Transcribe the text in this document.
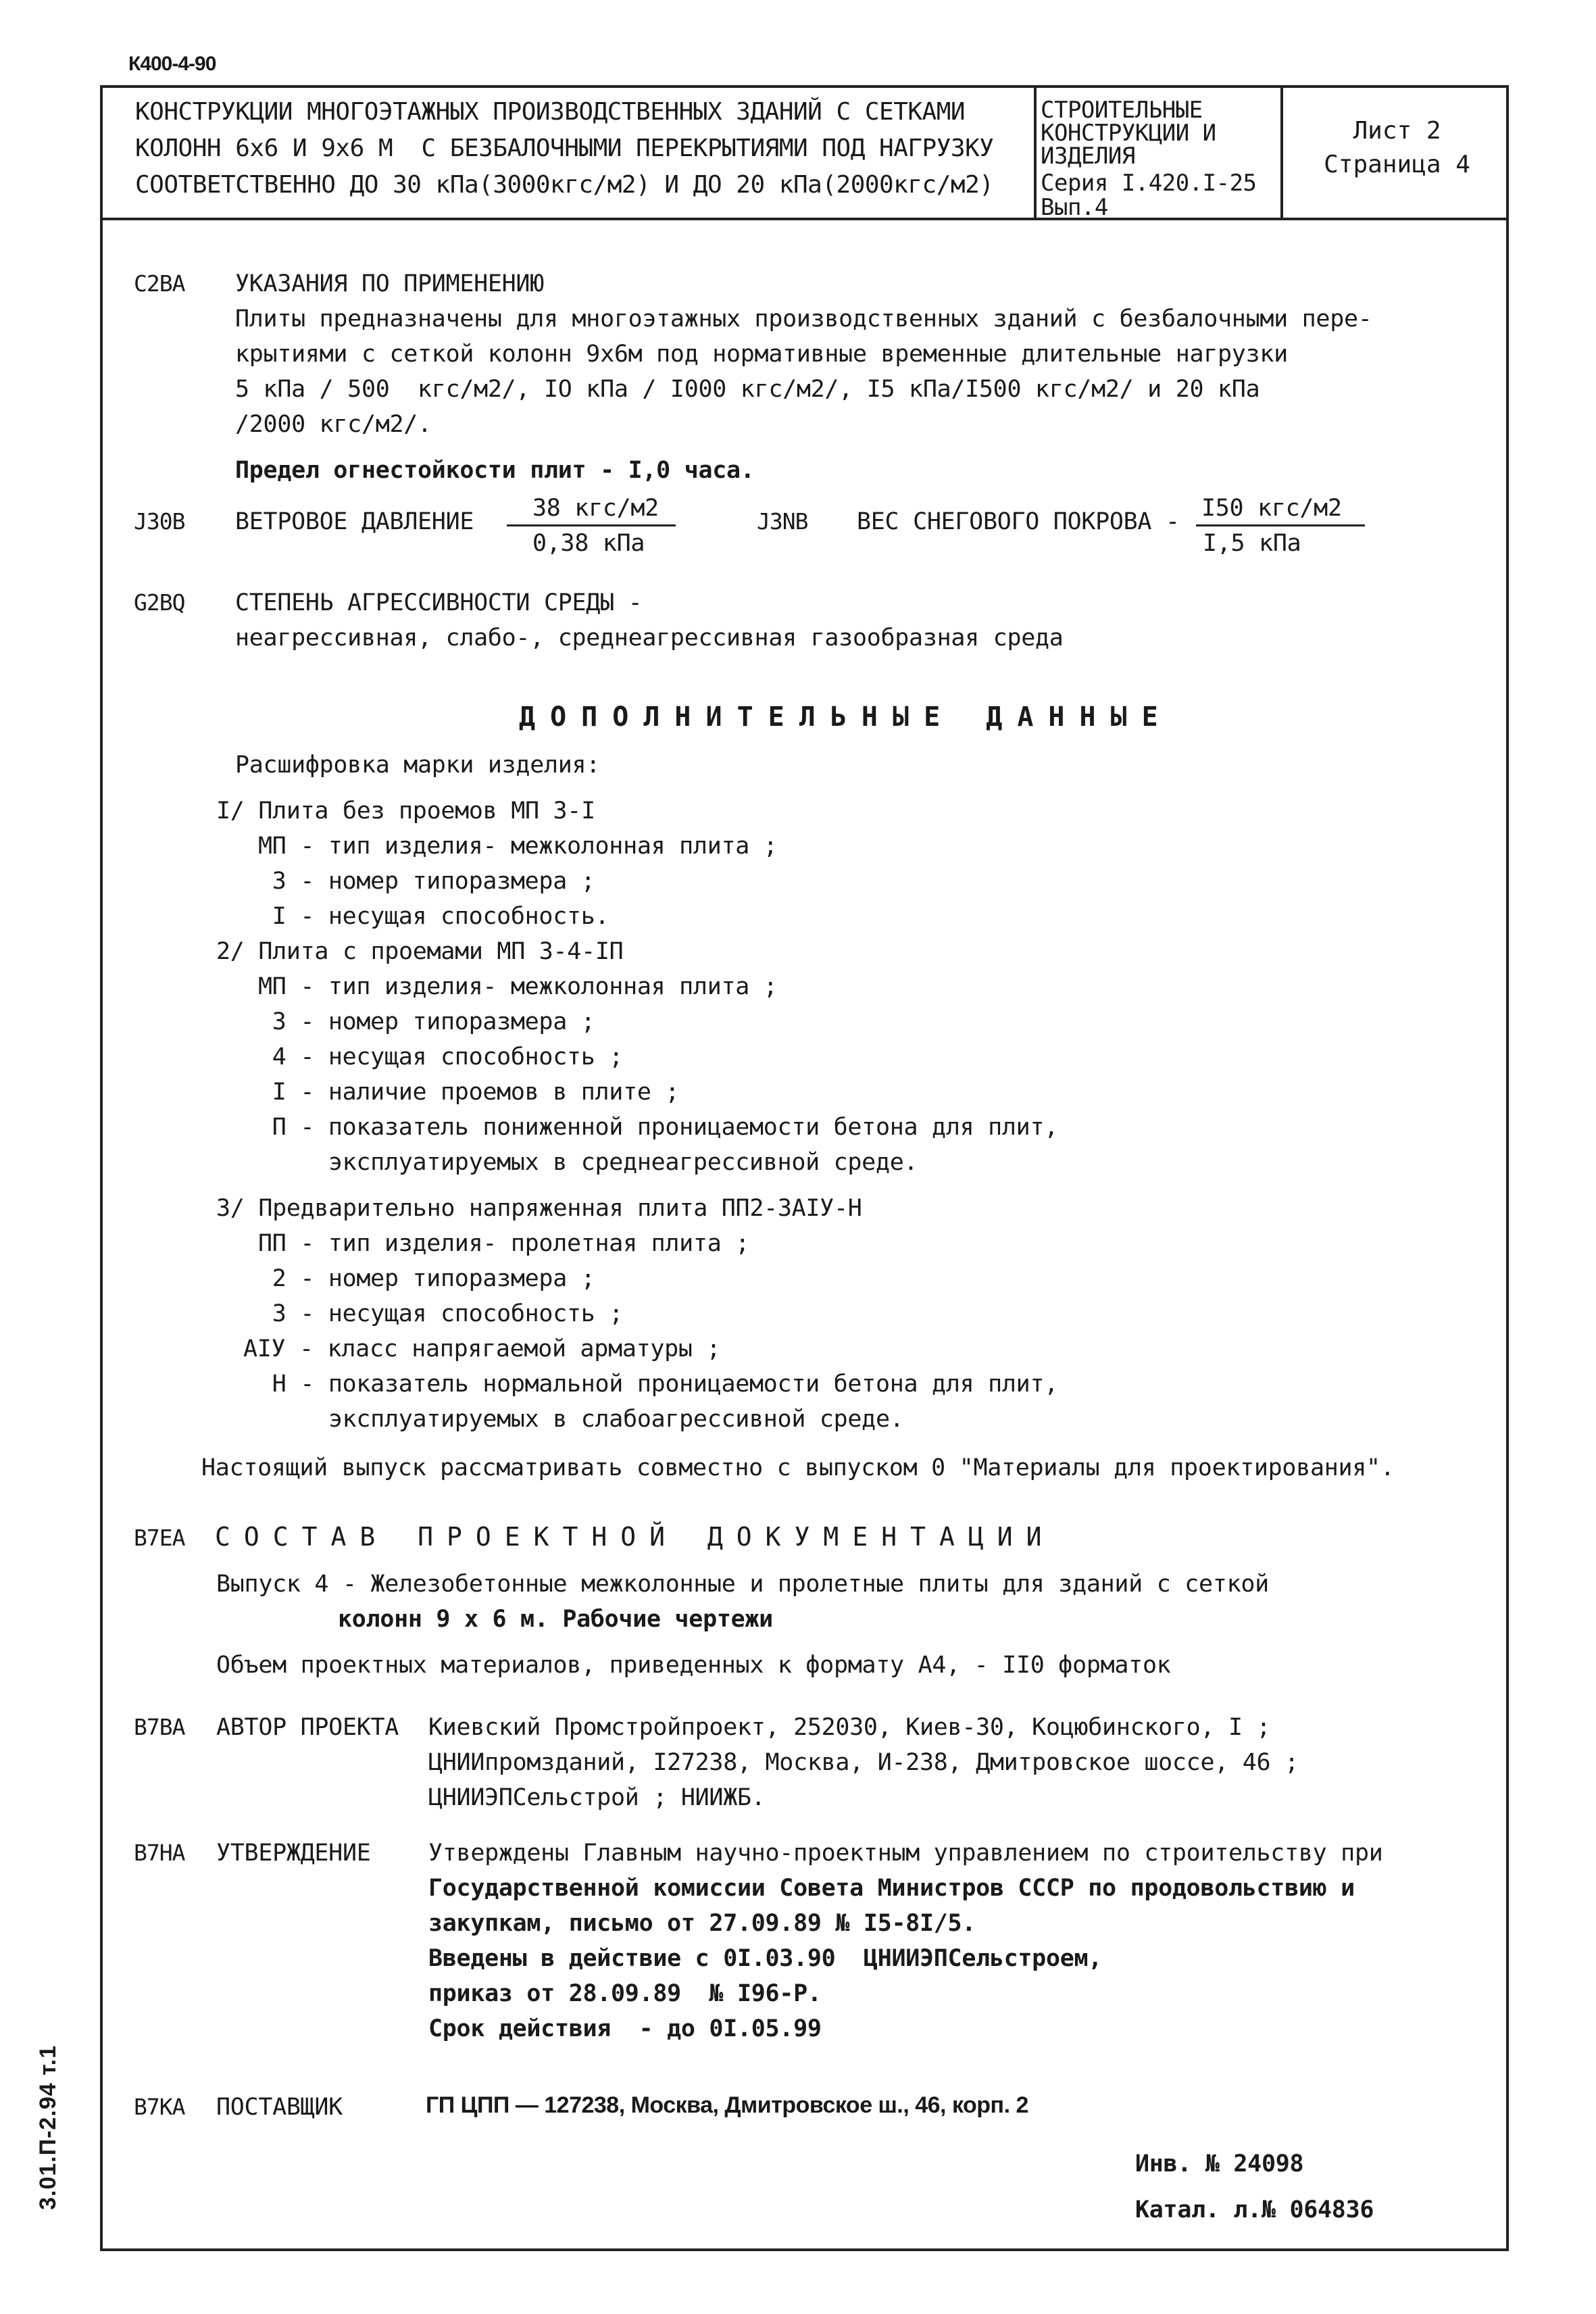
К400-4-90
КОНСТРУКЦИИ МНОГОЭТАЖНЫХ ПРОИЗВОДСТВЕННЫХ ЗДАНИЙ С СЕТКАМИ
КОЛОНН 6х6 И 9х6 М  С БЕЗБАЛОЧНЫМИ ПЕРЕКРЫТИЯМИ ПОД НАГРУЗКУ
СООТВЕТСТВЕННО ДО 30 кПа(3000кгс/м2) И ДО 20 кПа(2000кгс/м2)
СТРОИТЕЛЬНЫЕ
КОНСТРУКЦИИ И
ИЗДЕЛИЯ
Серия I.420.I-25
Вып.4
Лист 2
Страница 4
C2BA УКАЗАНИЯ ПО ПРИМЕНЕНИЮ
Плиты предназначены для многоэтажных производственных зданий с безбалочными пере-
крытиями с сеткой колонн 9х6м под нормативные временные длительные нагрузки
5 кПа / 500  кгс/м2/, IO кПа / I000 кгс/м2/, I5 кПа/I500 кгс/м2/ и 20 кПа
/2000 кгс/м2/.
Предел огнестойкости плит - I,0 часа.
J30B ВЕТРОВОЕ ДАВЛЕНИЕ 38 кгс/м2
0,38 кПа
J3NB ВЕС СНЕГОВОГО ПОКРОВА - I50 кгс/м2
I,5 кПа
G2BQ СТЕПЕНЬ АГРЕССИВНОСТИ СРЕДЫ -
неагрессивная, слабо-, среднеагрессивная газообразная среда
ДОПОЛНИТЕЛЬНЫЕ ДАННЫЕ
Расшифровка марки изделия:
I/ Плита без проемов МП 3-I
МП - тип изделия- межколонная плита ;
3 - номер типоразмера ;
I - несущая способность.
2/ Плита с проемами МП 3-4-IП
МП - тип изделия- межколонная плита ;
3 - номер типоразмера ;
4 - несущая способность ;
I - наличие проемов в плите ;
П - показатель пониженной проницаемости бетона для плит,
эксплуатируемых в среднеагрессивной среде.
3/ Предварительно напряженная плита ПП2-3АIУ-Н
ПП - тип изделия- пролетная плита ;
2 - номер типоразмера ;
3 - несущая способность ;
AIУ - класс напрягаемой арматуры ;
Н - показатель нормальной проницаемости бетона для плит,
эксплуатируемых в слабоагрессивной среде.
Настоящий выпуск рассматривать совместно с выпуском 0 "Материалы для проектирования".
B7EA СОСТАВ ПРОЕКТНОЙ ДОКУМЕНТАЦИИ
Выпуск 4 - Железобетонные межколонные и пролетные плиты для зданий с сеткой
колонн 9 х 6 м. Рабочие чертежи
Объем проектных материалов, приведенных к формату А4, - II0 форматок
B7BA АВТОР ПРОЕКТА Киевский Промстройпроект, 252030, Киев-30, Коцюбинского, I ;
ЦНИИпромзданий, I27238, Москва, И-238, Дмитровское шоссе, 46 ;
ЦНИИЭПСельстрой ; НИИЖБ.
B7HA УТВЕРЖДЕНИЕ Утверждены Главным научно-проектным управлением по строительству при
Государственной комиссии Совета Министров СССР по продовольствию и
закупкам, письмо от 27.09.89 № I5-8I/5.
Введены в действие с 0I.03.90  ЦНИИЭПСельстроем,
приказ от 28.09.89  № I96-Р.
Срок действия  - до 0I.05.99
B7KA ПОСТАВЩИК	ГП ЦПП — 127238, Москва, Дмитровское ш., 46, корп. 2
Инв. № 24098
Катал. л.№ 064836
3.01.П-2.94 т.1
